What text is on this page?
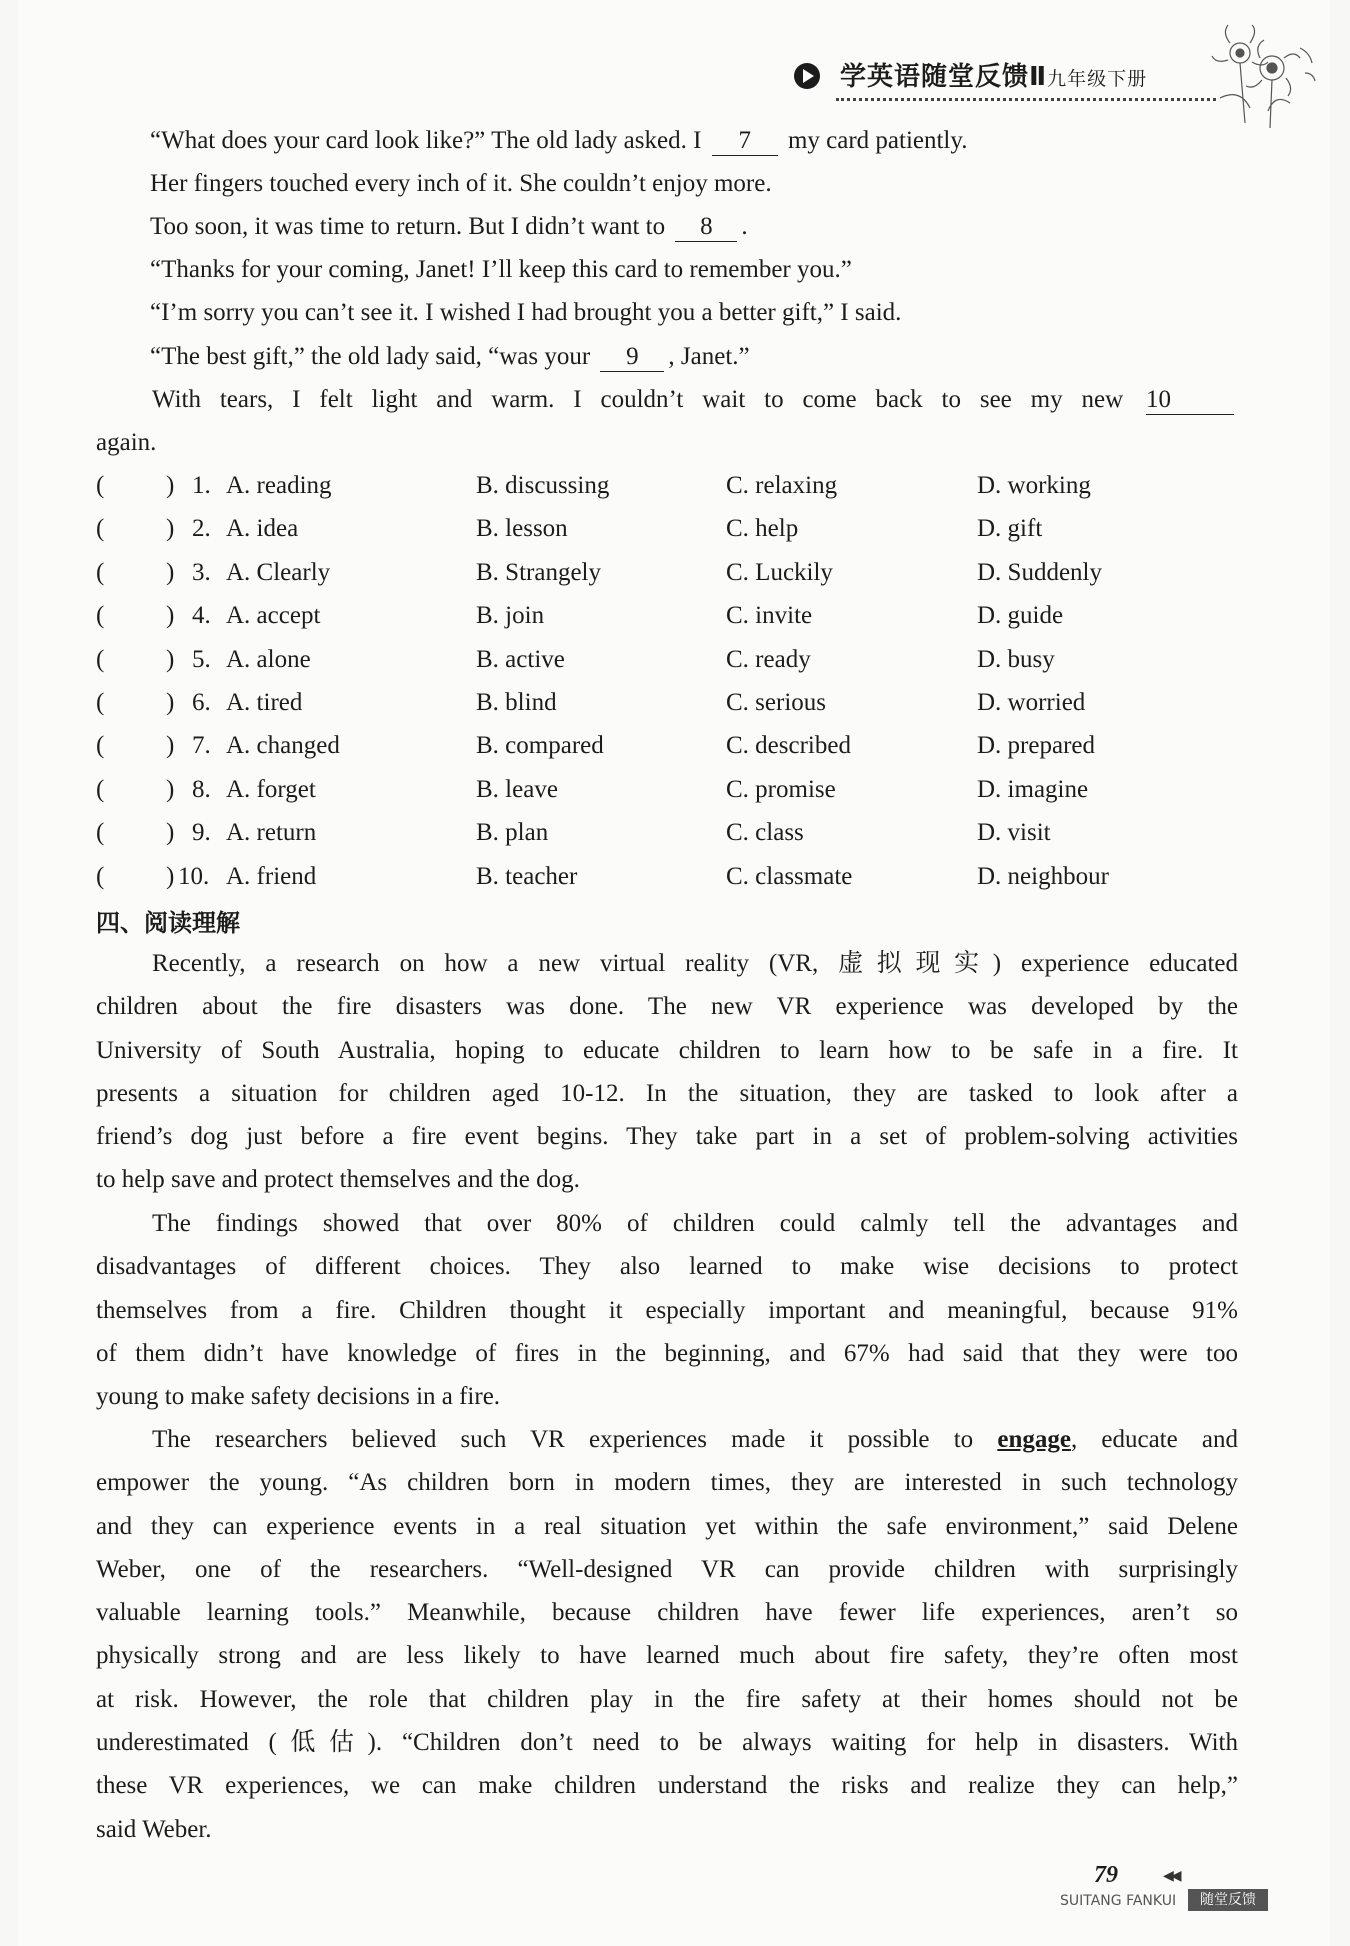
学英语随堂反馈Ⅱ九年级下册
“What does your card look like?” The old lady asked. I 7 my card patiently.
Her fingers touched every inch of it. She couldn’t enjoy more.
Too soon, it was time to return. But I didn’t want to 8 .
“Thanks for your coming, Janet! I’ll keep this card to remember you.”
“I’m sorry you can’t see it. I wished I had brought you a better gift,” I said.
“The best gift,” the old lady said, “was your 9 , Janet.”
With tears, I felt light and warm. I couldn’t wait to come back to see my new 10
again.
( ) 1. A. reading	B. discussing	C. relaxing	D. working
( ) 2. A. idea	B. lesson	C. help	D. gift
( ) 3. A. Clearly	B. Strangely	C. Luckily	D. Suddenly
( ) 4. A. accept	B. join	C. invite	D. guide
( ) 5. A. alone	B. active	C. ready	D. busy
( ) 6. A. tired	B. blind	C. serious	D. worried
( ) 7. A. changed	B. compared	C. described	D. prepared
( ) 8. A. forget	B. leave	C. promise	D. imagine
( ) 9. A. return	B. plan	C. class	D. visit
( ) 10. A. friend	B. teacher	C. classmate	D. neighbour
四、阅读理解
Recently, a research on how a new virtual reality (VR, 虚拟现实) experience educated
children about the fire disasters was done. The new VR experience was developed by the
University of South Australia, hoping to educate children to learn how to be safe in a fire. It
presents a situation for children aged 10-12. In the situation, they are tasked to look after a
friend’s dog just before a fire event begins. They take part in a set of problem-solving activities
to help save and protect themselves and the dog.
The findings showed that over 80% of children could calmly tell the advantages and
disadvantages of different choices. They also learned to make wise decisions to protect
themselves from a fire. Children thought it especially important and meaningful, because 91%
of them didn’t have knowledge of fires in the beginning, and 67% had said that they were too
young to make safety decisions in a fire.
The researchers believed such VR experiences made it possible to engage, educate and
empower the young. “As children born in modern times, they are interested in such technology
and they can experience events in a real situation yet within the safe environment,” said Delene
Weber, one of the researchers. “Well-designed VR can provide children with surprisingly
valuable learning tools.” Meanwhile, because children have fewer life experiences, aren’t so
physically strong and are less likely to have learned much about fire safety, they’re often most
at risk. However, the role that children play in the fire safety at their homes should not be
underestimated (低估). “Children don’t need to be always waiting for help in disasters. With
these VR experiences, we can make children understand the risks and realize they can help,”
said Weber.
79	◀◀
SUITANG FANKUI	随堂反馈
